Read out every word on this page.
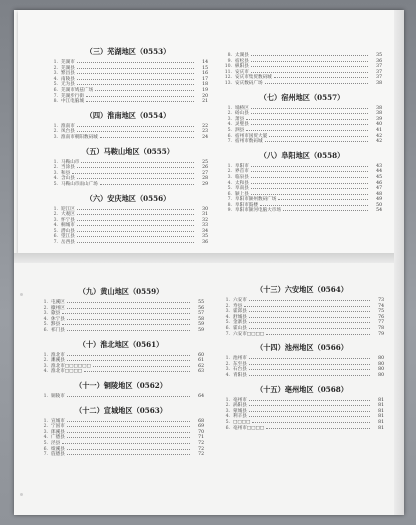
（三）芜湖地区（0553）
1. 芜湖市	14
2. 芜湖县	15
3. 繁昌县	16
4. 南陵县	17
5. 无为县	18
6. 芜湖市鸠兹广场	19
7. 芜湖步行街	20
8. 中江电脑城	21
（四）淮南地区（0554）
1. 淮南市	22
2. 凤台县	23
3. 淮南市朝阳数码城	24
（五）马鞍山地区（0555）
1. 马鞍山市	25
2. 当涂县	26
3. 和县	27
4. 含山县	28
5. 马鞍山市雨山广场	29
（六）安庆地区（0556）
1. 迎江区	30
2. 大观区	31
3. 怀宁县	32
4. 桐城市	33
5. 潜山县	34
6. 望江县	35
7. 岳西县	36
8. 太湖县	35
9. 宿松县	36
10. 枞阳县	37
11. 安庆市	37
12. 安庆市集贸数码城	37
13. 安庆数码广场	38
（七）宿州地区（0557）
1. 埇桥区	38
2. 砀山县	38
3. 萧县	39
4. 灵璧县	40
5. 泗县	41
6. 宿州市国贸大厦	42
7. 宿州市数码城	42
（八）阜阳地区（0558）
1. 阜阳市	43
2. 界首市	44
3. 临泉县	45
4. 太和县	46
5. 阜南县	47
6. 颍上县	48
7. 阜阳市颍州数码广场	49
8. 阜阳市鼓楼	50
9. 阜阳市颍河电脑大市场	54
（九）黄山地区（0559）
1. 屯溪区	55
2. 徽州区	56
3. 歙县	57
4. 休宁县	58
5. 黟县	59
6. 祁门县	59
（十）淮北地区（0561）
1. 淮北市	60
2. 濉溪县	61
3. 淮北市□□□□□□	62
4. 淮北市□□□□	63
（十一）铜陵地区（0562）
1. 铜陵市	64
（十二）宣城地区（0563）
1. 宣城市	68
2. 宁国市	69
3. 郎溪县	70
4. 广德县	71
5. 泾县	72
6. 绩溪县	72
7. 旌德县	72
（十三）六安地区（0564）
1. 六安市	73
2. 寿县	74
3. 霍邱县	75
4. 舒城县	76
5. 金寨县	77
6. 霍山县	78
7. 六安市□□□□	79
（十四）池州地区（0566）
1. 池州市	80
2. 东至县	80
3. 石台县	80
4. 青阳县	80
（十五）亳州地区（0568）
1. 亳州市	81
2. 涡阳县	81
3. 蒙城县	81
4. 利辛县	81
5. □□□□	81
6. 亳州市□□□□	81
